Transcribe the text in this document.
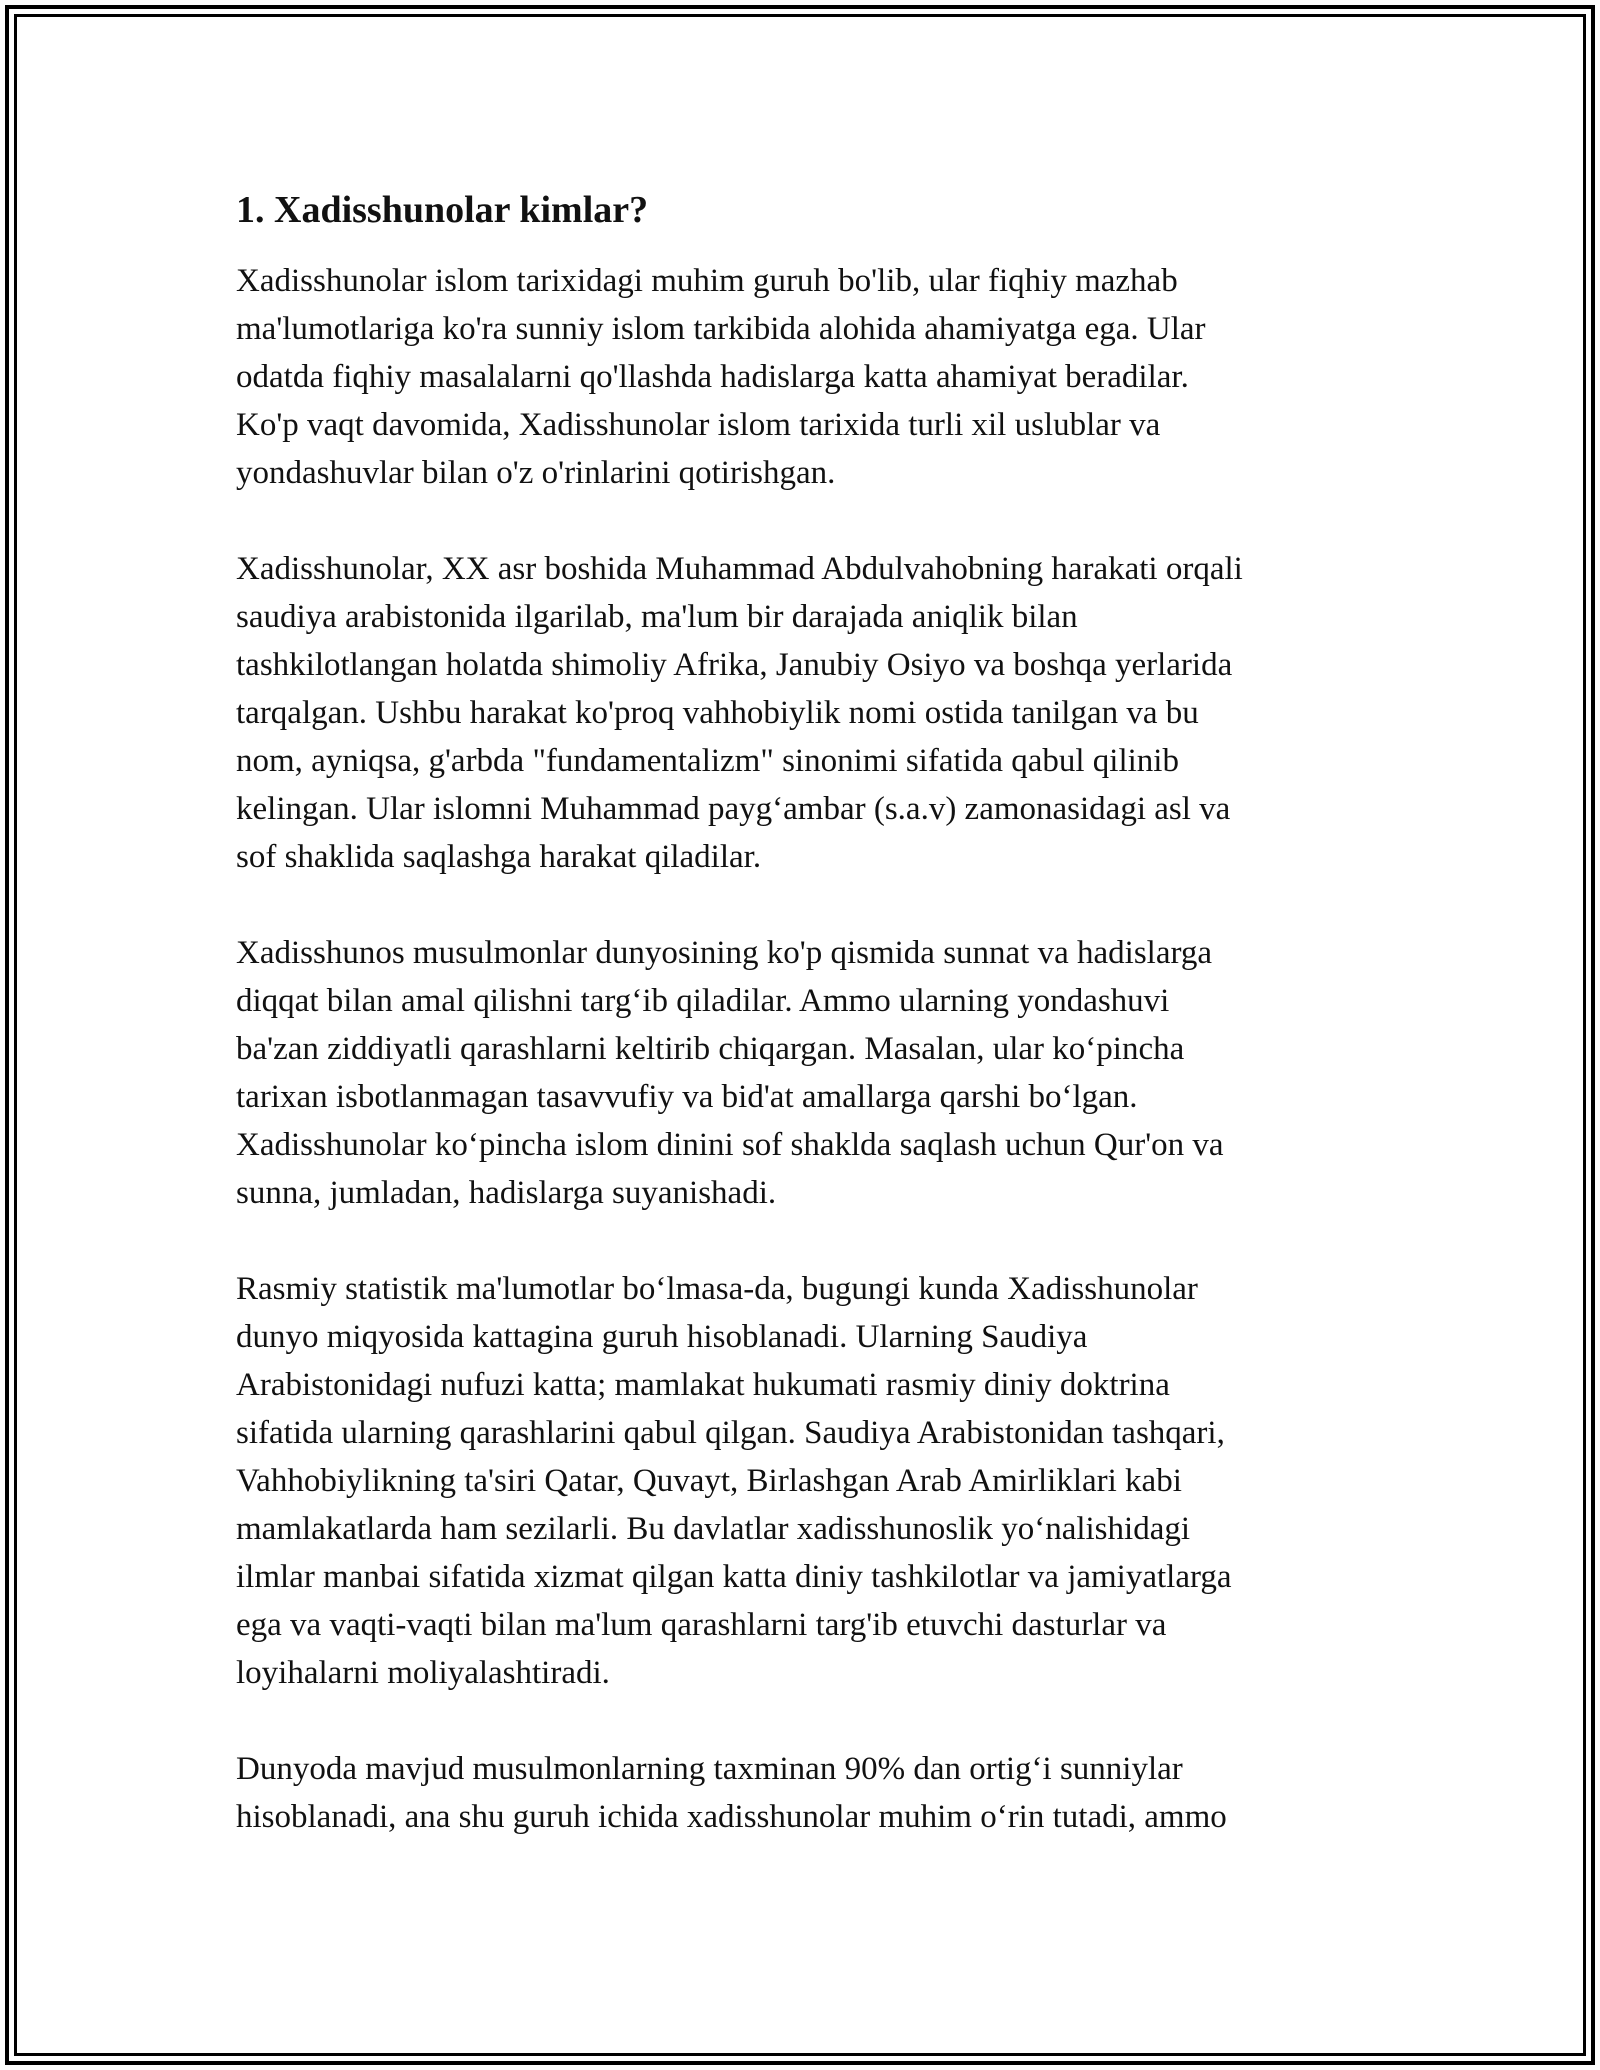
1. Xadisshunolar kimlar?

Xadisshunolar islom tarixidagi muhim guruh bo'lib, ular fiqhiy mazhab
ma'lumotlariga ko'ra sunniy islom tarkibida alohida ahamiyatga ega. Ular
odatda fiqhiy masalalarni qo'llashda hadislarga katta ahamiyat beradilar.
Ko'p vaqt davomida, Xadisshunolar islom tarixida turli xil uslublar va
yondashuvlar bilan o'z o'rinlarini qotirishgan.

Xadisshunolar, XX asr boshida Muhammad Abdulvahobning harakati orqali
saudiya arabistonida ilgarilab, ma'lum bir darajada aniqlik bilan
tashkilotlangan holatda shimoliy Afrika, Janubiy Osiyo va boshqa yerlarida
tarqalgan. Ushbu harakat ko'proq vahhobiylik nomi ostida tanilgan va bu
nom, ayniqsa, g'arbda "fundamentalizm" sinonimi sifatida qabul qilinib
kelingan. Ular islomni Muhammad payg‘ambar (s.a.v) zamonasidagi asl va
sof shaklida saqlashga harakat qiladilar.

Xadisshunos musulmonlar dunyosining ko'p qismida sunnat va hadislarga
diqqat bilan amal qilishni targ‘ib qiladilar. Ammo ularning yondashuvi
ba'zan ziddiyatli qarashlarni keltirib chiqargan. Masalan, ular ko‘pincha
tarixan isbotlanmagan tasavvufiy va bid'at amallarga qarshi bo‘lgan.
Xadisshunolar ko‘pincha islom dinini sof shakldа saqlash uchun Qur'on va
sunna, jumladan, hadislarga suyanishadi.

Rasmiy statistik ma'lumotlar bo‘lmasa-da, bugungi kunda Xadisshunolar
dunyo miqyosida kattagina guruh hisoblanadi. Ularning Saudiya
Arabistonidagi nufuzi katta; mamlakat hukumati rasmiy diniy doktrina
sifatida ularning qarashlarini qabul qilgan. Saudiya Arabistonidan tashqari,
Vahhobiylikning ta'siri Qatar, Quvayt, Birlashgan Arab Amirliklari kabi
mamlakatlarda ham sezilarli. Bu davlatlar xadisshunoslik yo‘nalishidagi
ilmlar manbai sifatida xizmat qilgan katta diniy tashkilotlar va jamiyatlarga
ega va vaqti-vaqti bilan ma'lum qarashlarni targ'ib etuvchi dasturlar va
loyihalarni moliyalashtiradi.

Dunyoda mavjud musulmonlarning taxminan 90% dan ortig‘i sunniylar
hisoblanadi, ana shu guruh ichida xadisshunolar muhim o‘rin tutadi, ammo
